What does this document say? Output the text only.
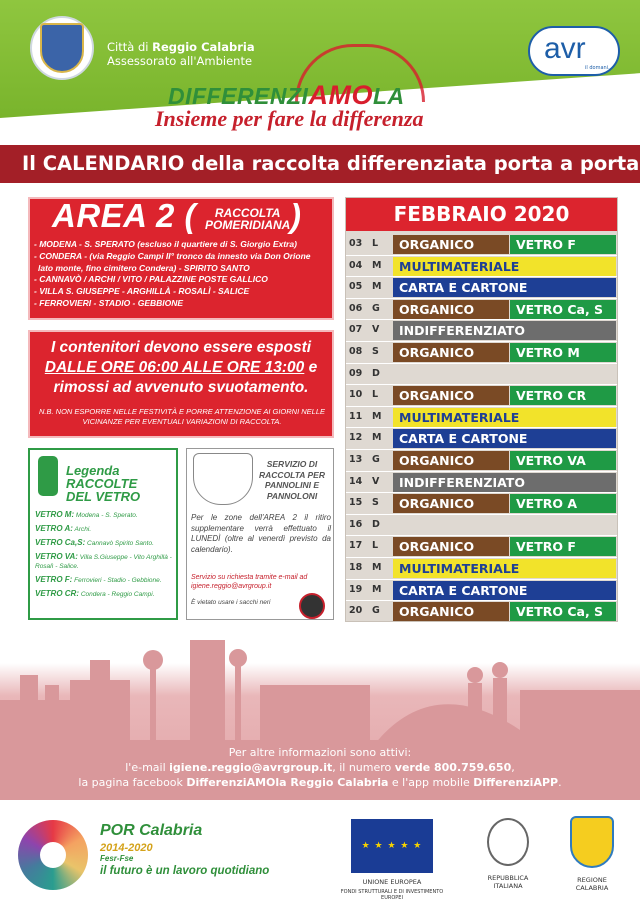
Città di Reggio Calabria
Assessorato all'Ambiente	avr
il domani.
DIFFERENZIAMOLA
Insieme per fare la differenza
Il CALENDARIO della raccolta differenziata porta a porta
AREA 2 (	)
RACCOLTA
POMERIDIANA
- MODENA - S. SPERATO (escluso il quartiere di S. Giorgio Extra)
- CONDERA - (via Reggio Campi II° tronco da innesto via Don Orione
lato monte, fino cimitero Condera) - SPIRITO SANTO
- CANNAVÒ / ARCHI / VITO / PALAZZINE POSTE GALLICO
- VILLA S. GIUSEPPE - ARGHILLÀ - ROSALÌ - SALICE
- FERROVIERI - STADIO - GEBBIONE
I contenitori devono essere esposti
DALLE ORE 06:00 ALLE ORE 13:00 e
rimossi ad avvenuto svuotamento.
N.B. NON ESPORRE NELLE FESTIVITÀ E PORRE ATTENZIONE AI GIORNI NELLE VICINANZE PER EVENTUALI VARIAZIONI DI RACCOLTA.
Legenda
RACCOLTE
DEL VETRO
VETRO M: Modena - S. Sperato.
VETRO A: Archi.
VETRO Ca,S: Cannavò Spirito Santo.
VETRO VA: Villa S.Giuseppe - Vito Arghillà - Rosalì - Salice.
VETRO F: Ferrovieri - Stadio - Gebbione.
VETRO CR: Condera - Reggio Campi.
SERVIZIO DI RACCOLTA PER PANNOLINI E PANNOLONI
Per le zone dell'AREA 2 il ritiro supplementare verrà effettuato il LUNEDÌ (oltre al venerdì previsto da calendario).
Servizio su richiesta tramite e-mail ad igiene.reggio@avrgroup.it
È vietato usare i sacchi neri
FEBBRAIO 2020
03 L	ORGANICO	VETRO F
04 M	MULTIMATERIALE
05 M	CARTA E CARTONE
06 G	ORGANICO	VETRO Ca, S
07 V	INDIFFERENZIATO
08 S	ORGANICO	VETRO M
09 D
10 L	ORGANICO	VETRO CR
11 M	MULTIMATERIALE
12 M	CARTA E CARTONE
13 G	ORGANICO	VETRO VA
14 V	INDIFFERENZIATO
15 S	ORGANICO	VETRO A
16 D
17 L	ORGANICO	VETRO F
18 M	MULTIMATERIALE
19 M	CARTA E CARTONE
20 G	ORGANICO	VETRO Ca, S
Per altre informazioni sono attivi:
l'e-mail igiene.reggio@avrgroup.it, il numero verde 800.759.650,
la pagina facebook DifferenziAMOla Reggio Calabria e l'app mobile DifferenziAPP.
POR Calabria
2014-2020
Fesr-Fse
il futuro è un lavoro quotidiano
★ ★ ★ ★ ★
UNIONE EUROPEA
FONDI STRUTTURALI E DI INVESTIMENTO EUROPEI
REPUBBLICA
ITALIANA
REGIONE
CALABRIA
